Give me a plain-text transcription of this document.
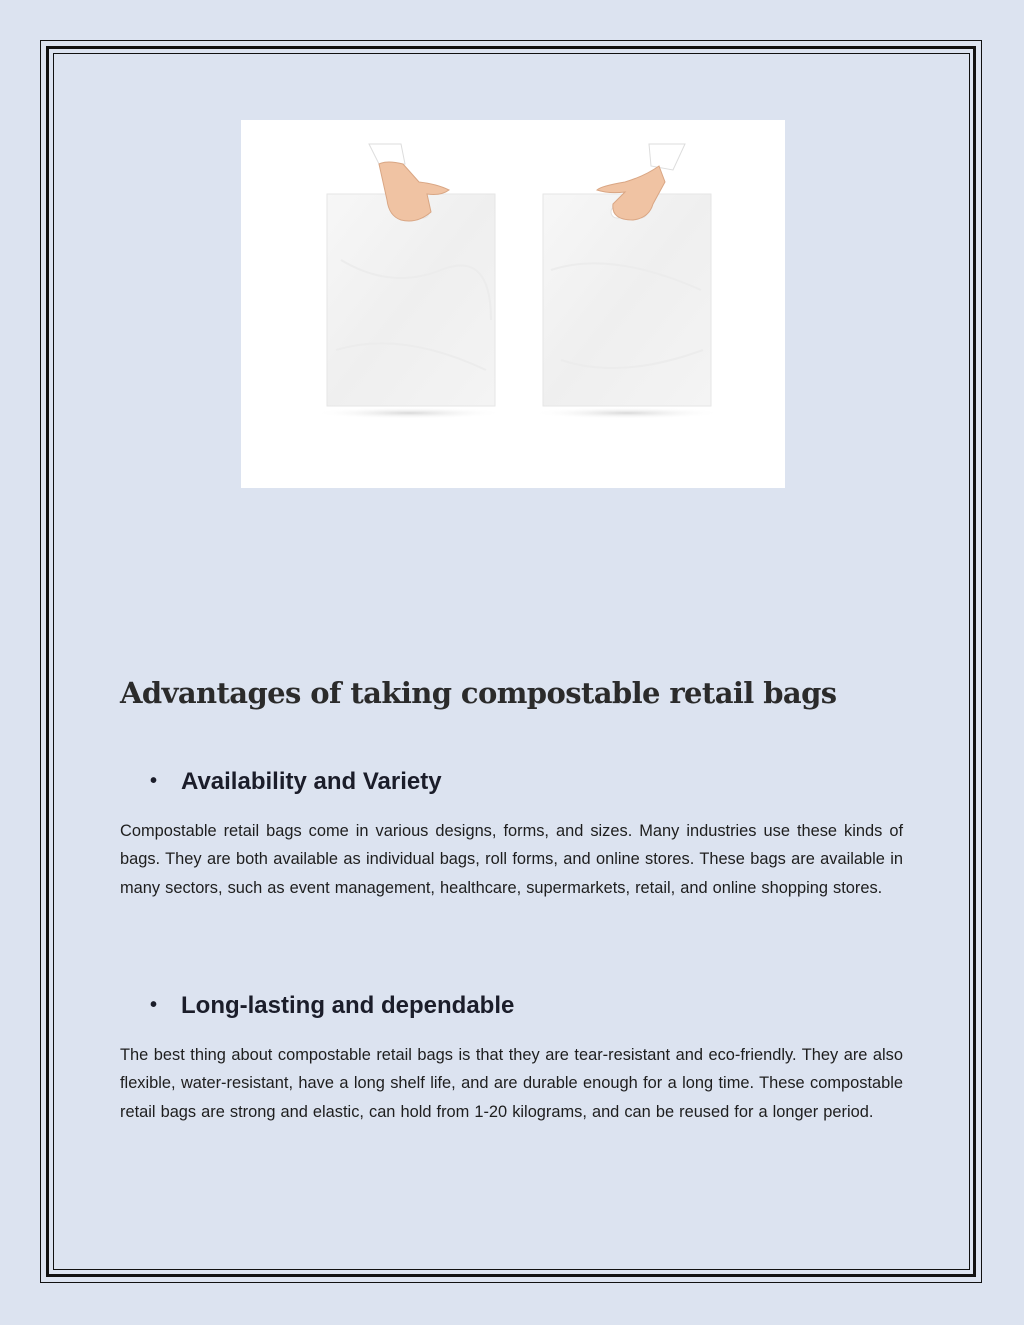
Advantages of taking compostable retail bags
• Availability and Variety

Compostable retail bags come in various designs, forms, and sizes. Many industries use these kinds of bags. They are both available as individual bags, roll forms, and online stores. These bags are available in many sectors, such as event management, healthcare, supermarkets, retail, and online shopping stores.

• Long-lasting and dependable

The best thing about compostable retail bags is that they are tear-resistant and eco-friendly. They are also flexible, water-resistant, have a long shelf life, and are durable enough for a long time. These compostable retail bags are strong and elastic, can hold from 1-20 kilograms, and can be reused for a longer period.
